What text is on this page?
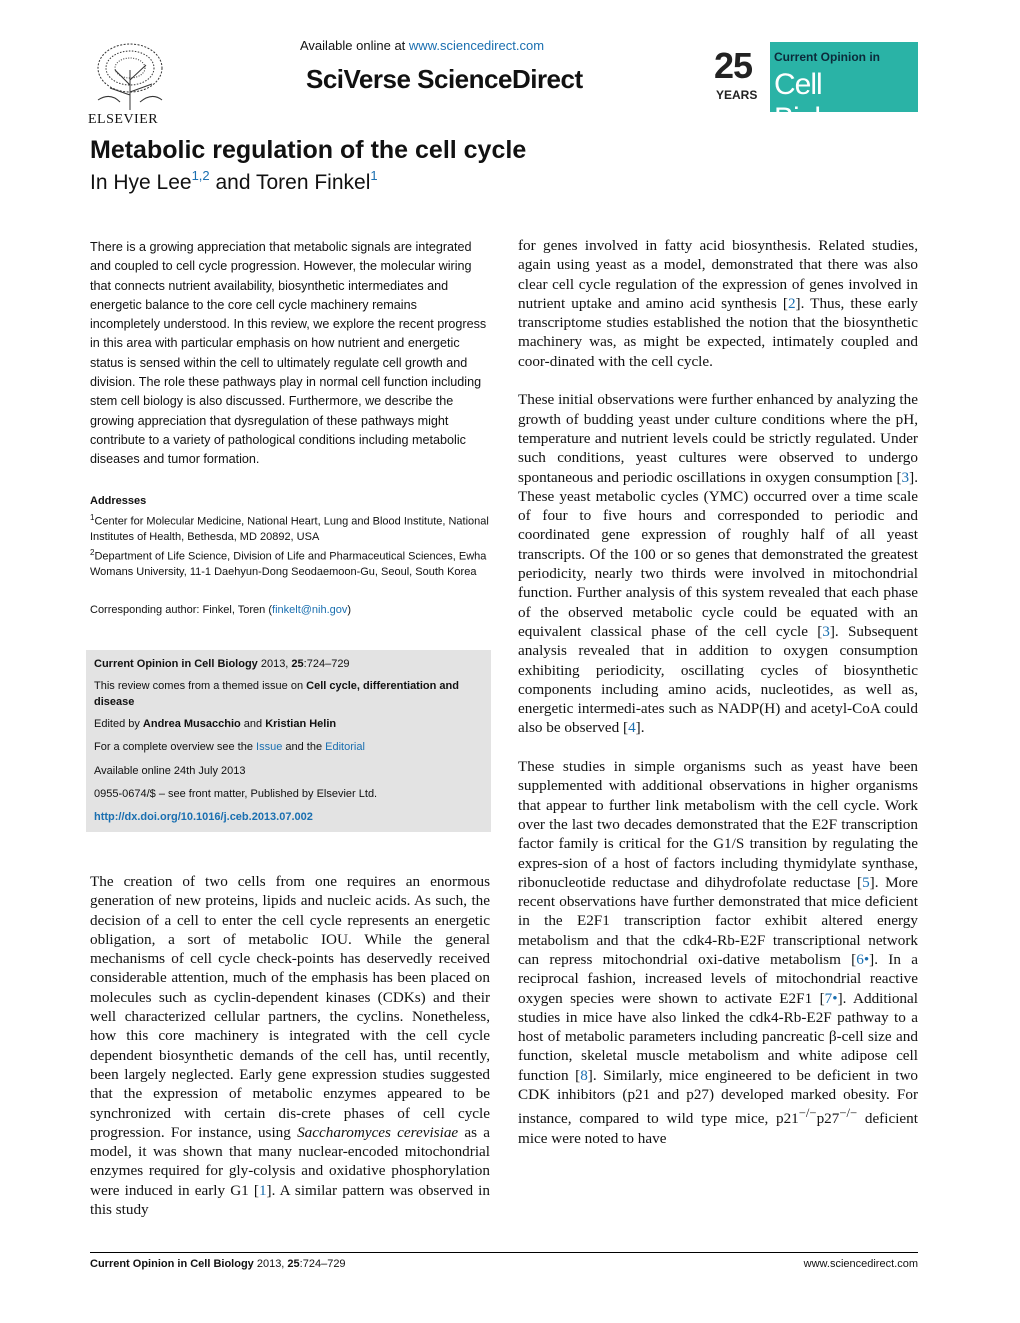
ELSEVIER
Available online at www.sciencedirect.com
SciVerse ScienceDirect	25
YEARS
Current Opinion in
Cell Biology
Metabolic regulation of the cell cycle
In Hye Lee$^{1,2}$ and Toren Finkel$^1$
There is a growing appreciation that metabolic signals are integrated and coupled to cell cycle progression. However, the molecular wiring that connects nutrient availability, biosynthetic intermediates and energetic balance to the core cell cycle machinery remains incompletely understood. In this review, we explore the recent progress in this area with particular emphasis on how nutrient and energetic status is sensed within the cell to ultimately regulate cell growth and division. The role these pathways play in normal cell function including stem cell biology is also discussed. Furthermore, we describe the growing appreciation that dysregulation of these pathways might contribute to a variety of pathological conditions including metabolic diseases and tumor formation.
Addresses
$^1$Center for Molecular Medicine, National Heart, Lung and Blood Institute, National Institutes of Health, Bethesda, MD 20892, USA
$^2$Department of Life Science, Division of Life and Pharmaceutical Sciences, Ewha Womans University, 11-1 Daehyun-Dong Seodaemoon-Gu, Seoul, South Korea
Corresponding author: Finkel, Toren (finkelt@nih.gov)
Current Opinion in Cell Biology 2013, 25:724–729
This review comes from a themed issue on Cell cycle, differentiation and disease
Edited by Andrea Musacchio and Kristian Helin
For a complete overview see the Issue and the Editorial
Available online 24th July 2013
0955-0674/$ – see front matter, Published by Elsevier Ltd.
http://dx.doi.org/10.1016/j.ceb.2013.07.002

The creation of two cells from one requires an enormous generation of new proteins, lipids and nucleic acids. As such, the decision of a cell to enter the cell cycle represents an energetic obligation, a sort of metabolic IOU. While the general mechanisms of cell cycle check-points has deservedly received considerable attention, much of the emphasis has been placed on molecules such as cyclin-dependent kinases (CDKs) and their well characterized cellular partners, the cyclins. Nonetheless, how this core machinery is integrated with the cell cycle dependent biosynthetic demands of the cell has, until recently, been largely neglected. Early gene expression studies suggested that the expression of metabolic enzymes appeared to be synchronized with certain dis-crete phases of cell cycle progression. For instance, using Saccharomyces cerevisiae as a model, it was shown that many nuclear-encoded mitochondrial enzymes required for gly-colysis and oxidative phosphorylation were induced in early G1 [1]. A similar pattern was observed in this study

for genes involved in fatty acid biosynthesis. Related studies, again using yeast as a model, demonstrated that there was also clear cell cycle regulation of the expression of genes involved in nutrient uptake and amino acid synthesis [2]. Thus, these early transcriptome studies established the notion that the biosynthetic machinery was, as might be expected, intimately coupled and coor-dinated with the cell cycle.

These initial observations were further enhanced by analyzing the growth of budding yeast under culture conditions where the pH, temperature and nutrient levels could be strictly regulated. Under such conditions, yeast cultures were observed to undergo spontaneous and periodic oscillations in oxygen consumption [3]. These yeast metabolic cycles (YMC) occurred over a time scale of four to five hours and corresponded to periodic and coordinated gene expression of roughly half of all yeast transcripts. Of the 100 or so genes that demonstrated the greatest periodicity, nearly two thirds were involved in mitochondrial function. Further analysis of this system revealed that each phase of the observed metabolic cycle could be equated with an equivalent classical phase of the cell cycle [3]. Subsequent analysis revealed that in addition to oxygen consumption exhibiting periodicity, oscillating cycles of biosynthetic components including amino acids, nucleotides, as well as, energetic intermedi-ates such as NADP(H) and acetyl-CoA could also be observed [4].

These studies in simple organisms such as yeast have been supplemented with additional observations in higher organisms that appear to further link metabolism with the cell cycle. Work over the last two decades demonstrated that the E2F transcription factor family is critical for the G1/S transition by regulating the expres-sion of a host of factors including thymidylate synthase, ribonucleotide reductase and dihydrofolate reductase [5]. More recent observations have further demonstrated that mice deficient in the E2F1 transcription factor exhibit altered energy metabolism and that the cdk4-Rb-E2F transcriptional network can repress mitochondrial oxi-dative metabolism [6•]. In a reciprocal fashion, increased levels of mitochondrial reactive oxygen species were shown to activate E2F1 [7•]. Additional studies in mice have also linked the cdk4-Rb-E2F pathway to a host of metabolic parameters including pancreatic β-cell size and function, skeletal muscle metabolism and white adipose cell function [8]. Similarly, mice engineered to be deficient in two CDK inhibitors (p21 and p27) developed marked obesity. For instance, compared to wild type mice, p21−/−p27−/− deficient mice were noted to have

Current Opinion in Cell Biology 2013, 25:724–729	www.sciencedirect.com
